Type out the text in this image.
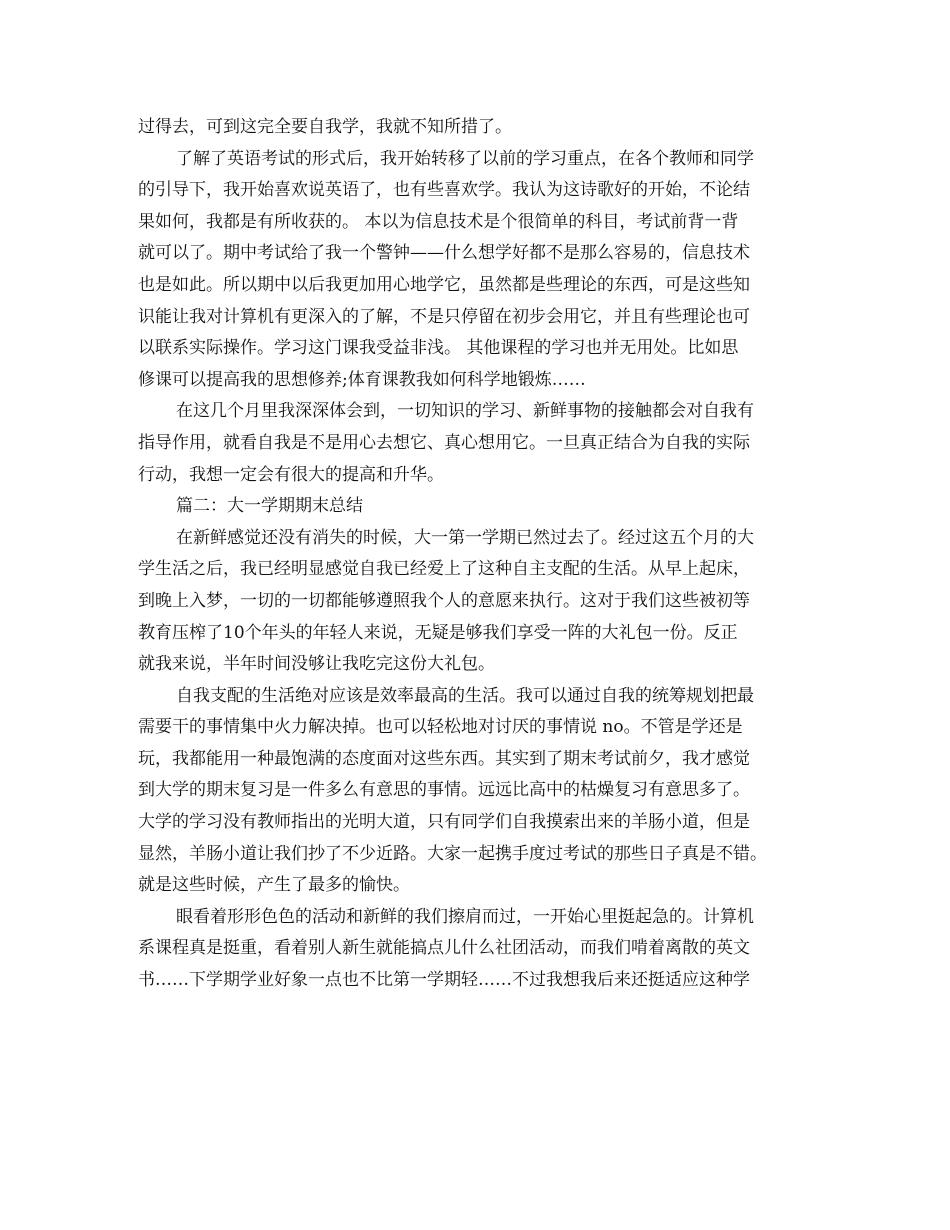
过得去，可到这完全要自我学，我就不知所措了。
了解了英语考试的形式后，我开始转移了以前的学习重点，在各个教师和同学
的引导下，我开始喜欢说英语了，也有些喜欢学。我认为这诗歌好的开始，不论结
果如何，我都是有所收获的。 本以为信息技术是个很简单的科目，考试前背一背
就可以了。期中考试给了我一个警钟——什么想学好都不是那么容易的，信息技术
也是如此。所以期中以后我更加用心地学它，虽然都是些理论的东西，可是这些知
识能让我对计算机有更深入的了解，不是只停留在初步会用它，并且有些理论也可
以联系实际操作。学习这门课我受益非浅。 其他课程的学习也并无用处。比如思
修课可以提高我的思想修养;体育课教我如何科学地锻炼……
在这几个月里我深深体会到，一切知识的学习、新鲜事物的接触都会对自我有
指导作用，就看自我是不是用心去想它、真心想用它。一旦真正结合为自我的实际
行动，我想一定会有很大的提高和升华。
篇二：大一学期期末总结
在新鲜感觉还没有消失的时候，大一第一学期已然过去了。经过这五个月的大
学生活之后，我已经明显感觉自我已经爱上了这种自主支配的生活。从早上起床，
到晚上入梦，一切的一切都能够遵照我个人的意愿来执行。这对于我们这些被初等
教育压榨了10个年头的年轻人来说，无疑是够我们享受一阵的大礼包一份。反正
就我来说，半年时间没够让我吃完这份大礼包。
自我支配的生活绝对应该是效率最高的生活。我可以通过自我的统筹规划把最
需要干的事情集中火力解决掉。也可以轻松地对讨厌的事情说 no。不管是学还是
玩，我都能用一种最饱满的态度面对这些东西。其实到了期末考试前夕，我才感觉
到大学的期末复习是一件多么有意思的事情。远远比高中的枯燥复习有意思多了。
大学的学习没有教师指出的光明大道，只有同学们自我摸索出来的羊肠小道，但是
显然，羊肠小道让我们抄了不少近路。大家一起携手度过考试的那些日子真是不错。
就是这些时候，产生了最多的愉快。
眼看着形形色色的活动和新鲜的我们擦肩而过，一开始心里挺起急的。计算机
系课程真是挺重，看着别人新生就能搞点儿什么社团活动，而我们啃着离散的英文
书……下学期学业好象一点也不比第一学期轻……不过我想我后来还挺适应这种学
